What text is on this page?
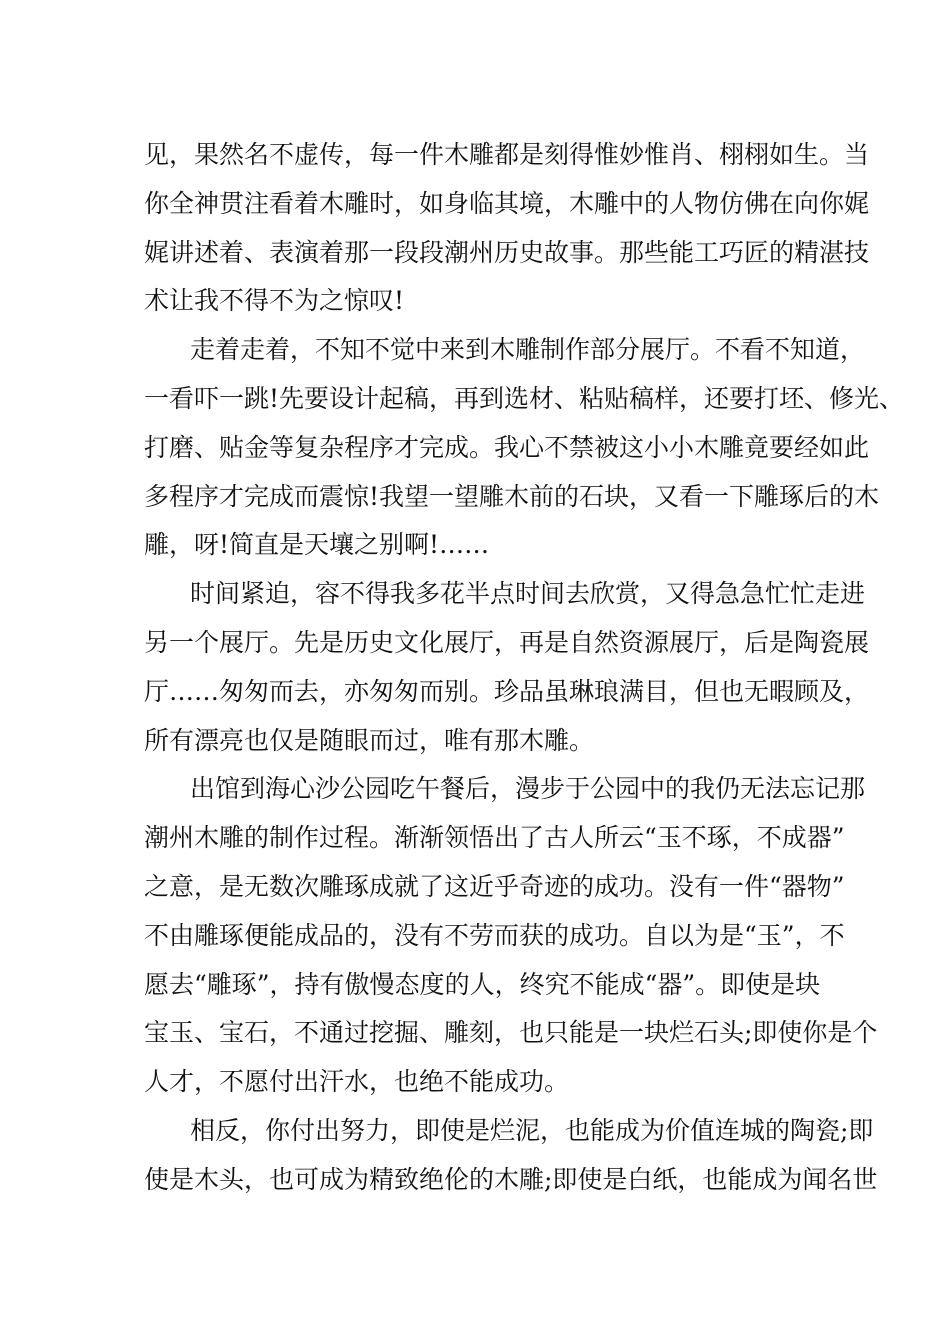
见，果然名不虚传，每一件木雕都是刻得惟妙惟肖、栩栩如生。当
你全神贯注看着木雕时，如身临其境，木雕中的人物仿佛在向你娓
娓讲述着、表演着那一段段潮州历史故事。那些能工巧匠的精湛技
术让我不得不为之惊叹!

走着走着，不知不觉中来到木雕制作部分展厅。不看不知道，
一看吓一跳!先要设计起稿，再到选材、粘贴稿样，还要打坯、修光、
打磨、贴金等复杂程序才完成。我心不禁被这小小木雕竟要经如此
多程序才完成而震惊!我望一望雕木前的石块，又看一下雕琢后的木
雕，呀!简直是天壤之别啊!……

时间紧迫，容不得我多花半点时间去欣赏，又得急急忙忙走进
另一个展厅。先是历史文化展厅，再是自然资源展厅，后是陶瓷展
厅……匆匆而去，亦匆匆而别。珍品虽琳琅满目，但也无暇顾及，
所有漂亮也仅是随眼而过，唯有那木雕。

出馆到海心沙公园吃午餐后，漫步于公园中的我仍无法忘记那
潮州木雕的制作过程。渐渐领悟出了古人所云“玉不琢，不成器”
之意，是无数次雕琢成就了这近乎奇迹的成功。没有一件“器物”
不由雕琢便能成品的，没有不劳而获的成功。自以为是“玉”，不
愿去“雕琢”，持有傲慢态度的人，终究不能成“器”。即使是块
宝玉、宝石，不通过挖掘、雕刻，也只能是一块烂石头;即使你是个
人才，不愿付出汗水，也绝不能成功。

相反，你付出努力，即使是烂泥，也能成为价值连城的陶瓷;即
使是木头，也可成为精致绝伦的木雕;即使是白纸，也能成为闻名世
